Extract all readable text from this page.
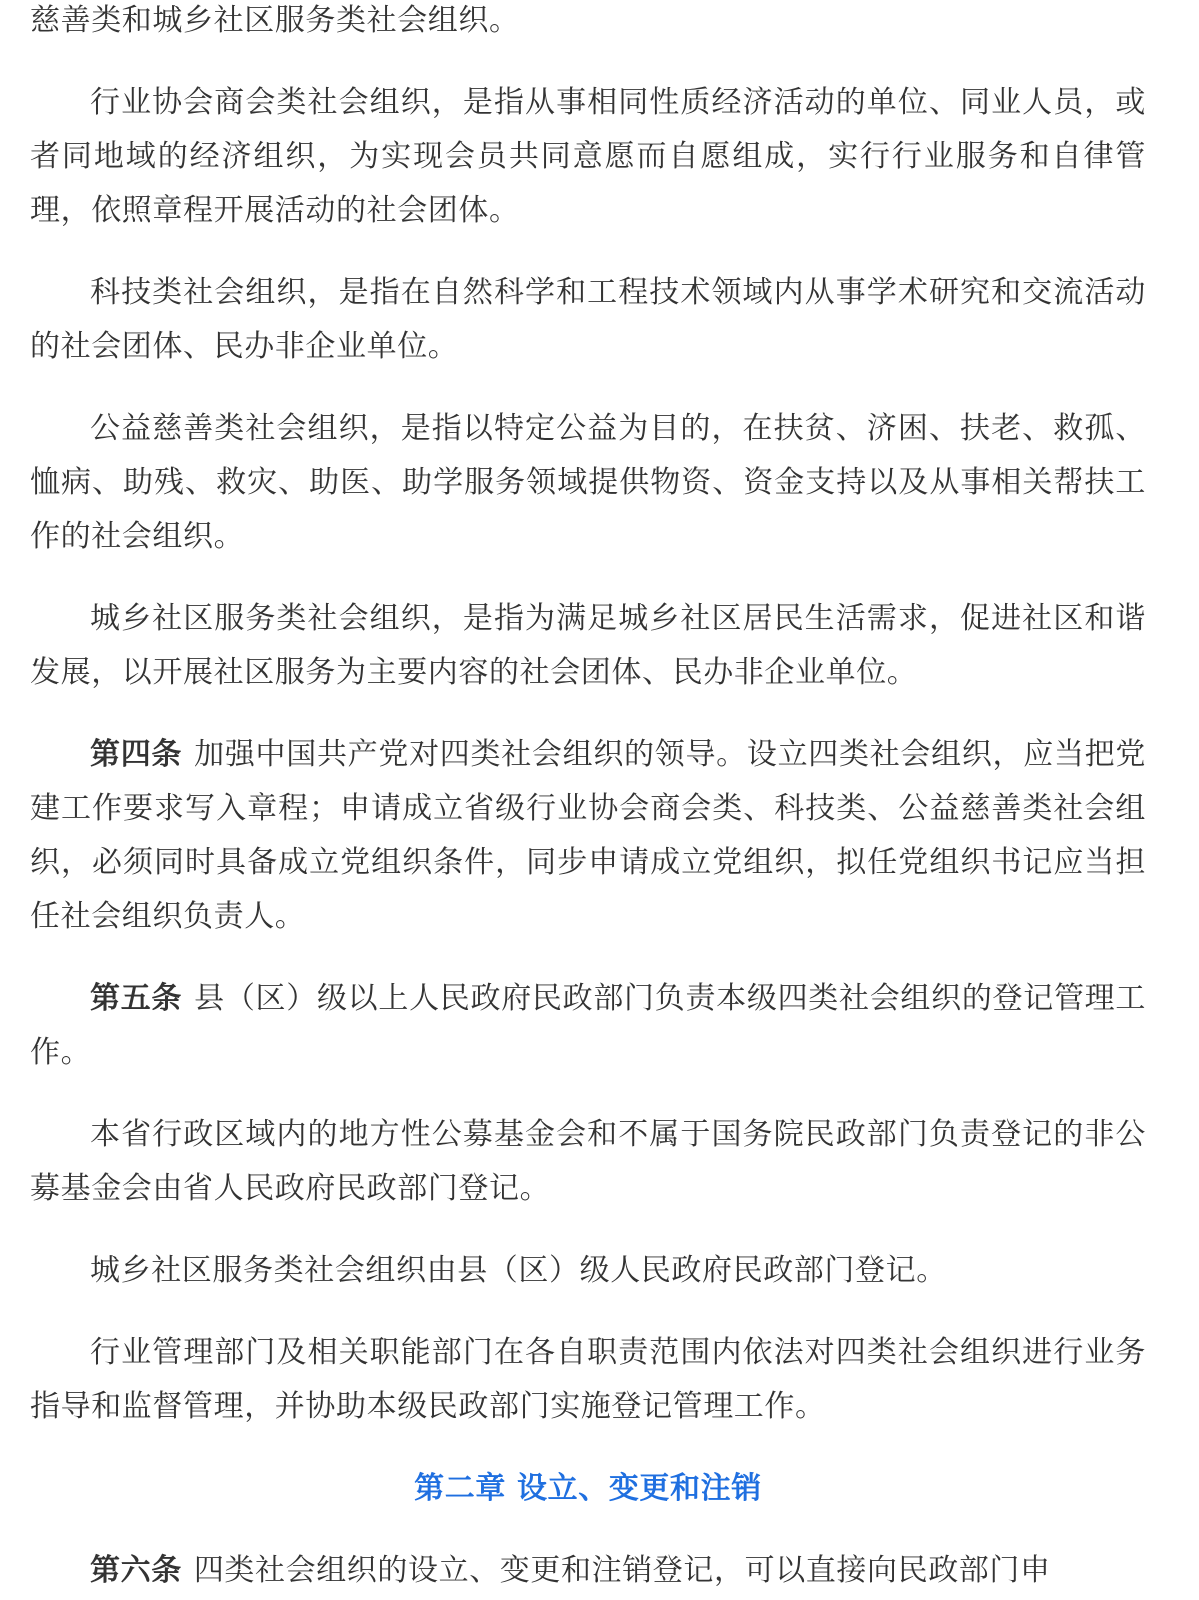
慈善类和城乡社区服务类社会组织。

行业协会商会类社会组织，是指从事相同性质经济活动的单位、同业人员，或者同地域的经济组织，为实现会员共同意愿而自愿组成，实行行业服务和自律管理，依照章程开展活动的社会团体。

科技类社会组织，是指在自然科学和工程技术领域内从事学术研究和交流活动的社会团体、民办非企业单位。

公益慈善类社会组织，是指以特定公益为目的，在扶贫、济困、扶老、救孤、恤病、助残、救灾、助医、助学服务领域提供物资、资金支持以及从事相关帮扶工作的社会组织。

城乡社区服务类社会组织，是指为满足城乡社区居民生活需求，促进社区和谐发展，以开展社区服务为主要内容的社会团体、民办非企业单位。

第四条 加强中国共产党对四类社会组织的领导。设立四类社会组织，应当把党建工作要求写入章程；申请成立省级行业协会商会类、科技类、公益慈善类社会组织，必须同时具备成立党组织条件，同步申请成立党组织，拟任党组织书记应当担任社会组织负责人。

第五条 县（区）级以上人民政府民政部门负责本级四类社会组织的登记管理工作。

本省行政区域内的地方性公募基金会和不属于国务院民政部门负责登记的非公募基金会由省人民政府民政部门登记。

城乡社区服务类社会组织由县（区）级人民政府民政部门登记。

行业管理部门及相关职能部门在各自职责范围内依法对四类社会组织进行业务指导和监督管理，并协助本级民政部门实施登记管理工作。

第二章 设立、变更和注销

第六条 四类社会组织的设立、变更和注销登记，可以直接向民政部门申
